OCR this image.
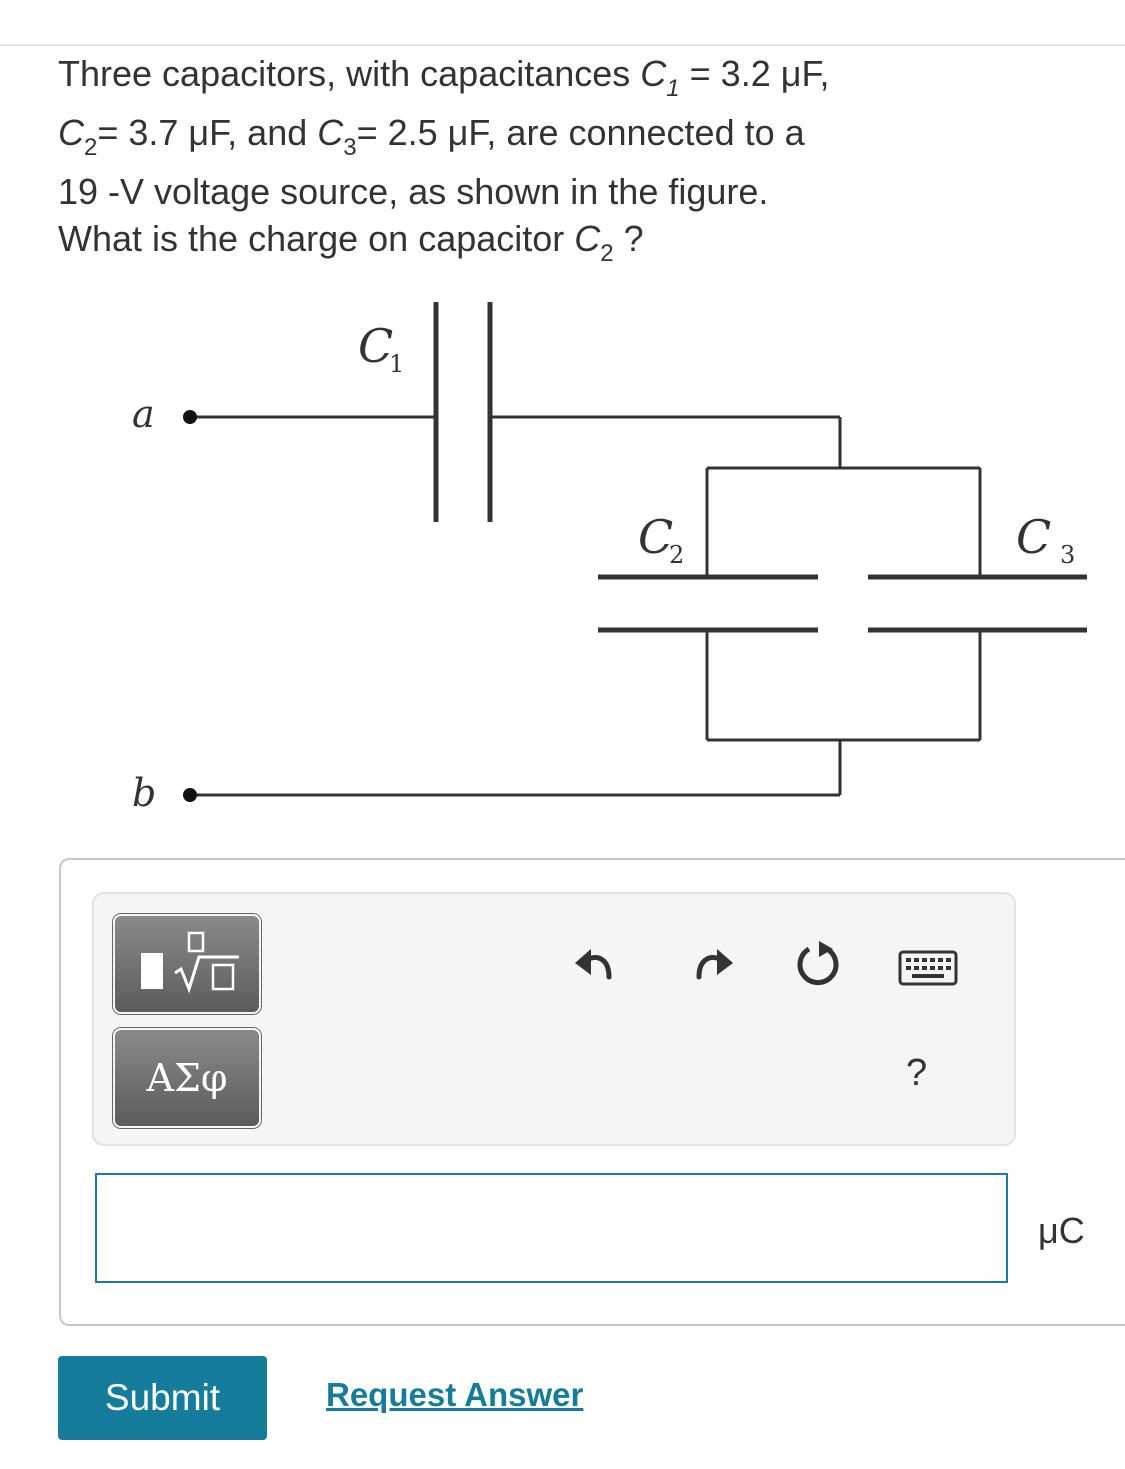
Three capacitors, with capacitances $C_1 = 3.2$ μF,
$C_2= 3.7$ μF, and $C_3= 2.5$ μF, are connected to a
19 -V voltage source, as shown in the figure.
What is the charge on capacitor $C_2$ ?
a
b
C
C	C
1
2	3
ΑΣφ	?
μC
Submit	Request Answer
